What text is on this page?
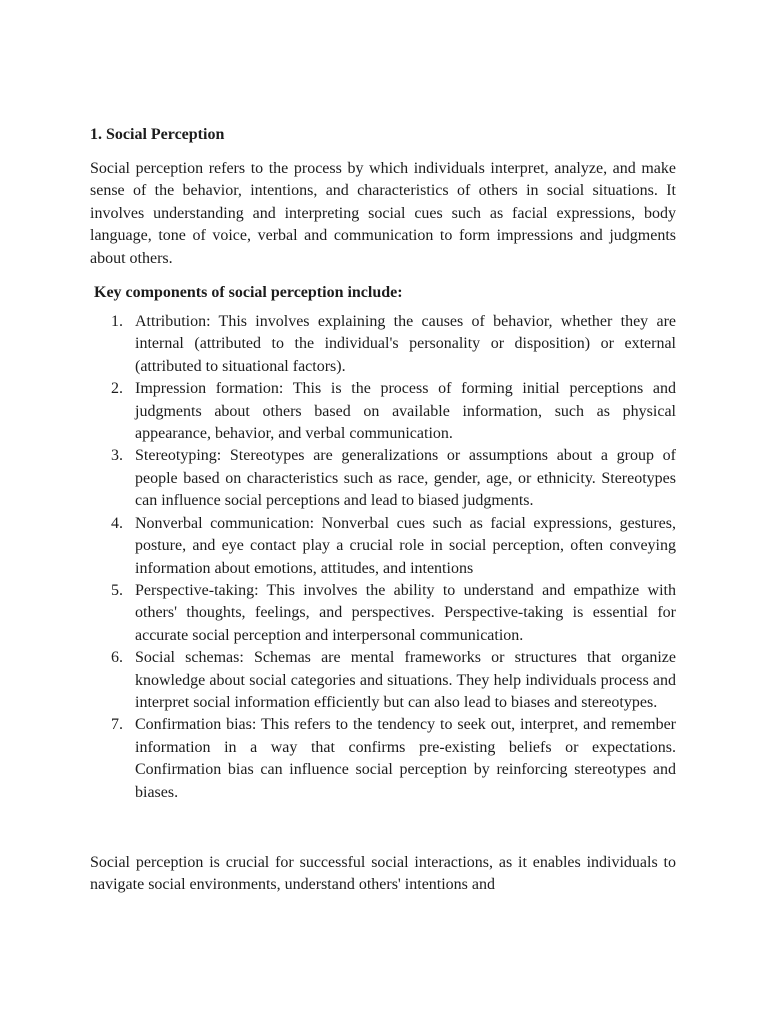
1. Social Perception

Social perception refers to the process by which individuals interpret, analyze, and make sense of the behavior, intentions, and characteristics of others in social situations. It involves understanding and interpreting social cues such as facial expressions, body language, tone of voice, verbal and communication to form impressions and judgments about others.

Key components of social perception include:
1. Attribution: This involves explaining the causes of behavior, whether they are internal (attributed to the individual's personality or disposition) or external (attributed to situational factors).
2. Impression formation: This is the process of forming initial perceptions and judgments about others based on available information, such as physical appearance, behavior, and verbal communication.
3. Stereotyping: Stereotypes are generalizations or assumptions about a group of people based on characteristics such as race, gender, age, or ethnicity. Stereotypes can influence social perceptions and lead to biased judgments.
4. Nonverbal communication: Nonverbal cues such as facial expressions, gestures, posture, and eye contact play a crucial role in social perception, often conveying information about emotions, attitudes, and intentions
5. Perspective-taking: This involves the ability to understand and empathize with others' thoughts, feelings, and perspectives. Perspective-taking is essential for accurate social perception and interpersonal communication.
6. Social schemas: Schemas are mental frameworks or structures that organize knowledge about social categories and situations. They help individuals process and interpret social information efficiently but can also lead to biases and stereotypes.
7. Confirmation bias: This refers to the tendency to seek out, interpret, and remember information in a way that confirms pre-existing beliefs or expectations. Confirmation bias can influence social perception by reinforcing stereotypes and biases.

Social perception is crucial for successful social interactions, as it enables individuals to navigate social environments, understand others' intentions and
